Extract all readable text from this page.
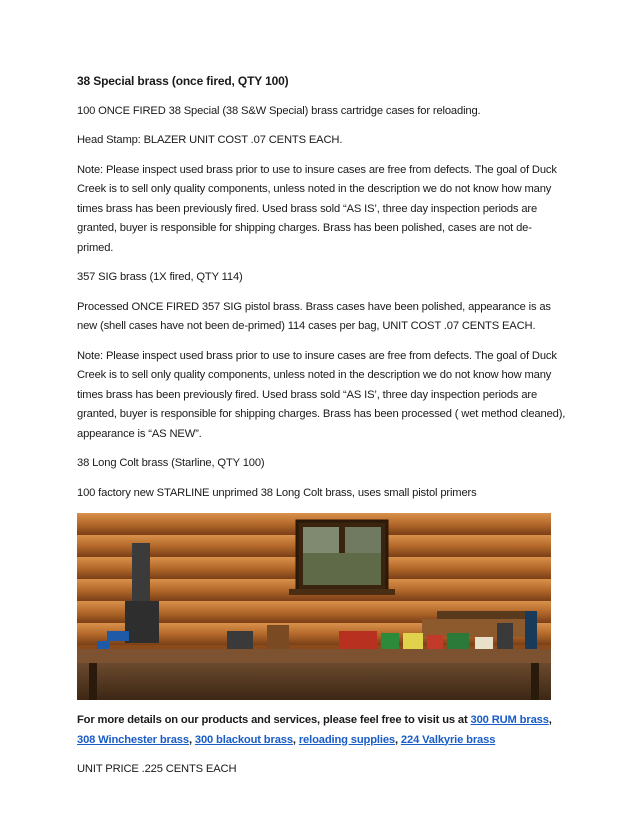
38 Special brass (once fired, QTY 100)

100 ONCE FIRED 38 Special (38 S&W Special) brass cartridge cases for reloading.

Head Stamp: BLAZER UNIT COST .07 CENTS EACH.

Note: Please inspect used brass prior to use to insure cases are free from defects. The goal of Duck Creek is to sell only quality components, unless noted in the description we do not know how many times brass has been previously fired. Used brass sold “AS IS’, three day inspection periods are granted, buyer is responsible for shipping charges. Brass has been polished, cases are not de-primed.

357 SIG brass (1X fired, QTY 114)

Processed ONCE FIRED 357 SIG pistol brass. Brass cases have been polished, appearance is as new (shell cases have not been de-primed) 114 cases per bag, UNIT COST .07 CENTS EACH.

Note: Please inspect used brass prior to use to insure cases are free from defects. The goal of Duck Creek is to sell only quality components, unless noted in the description we do not know how many times brass has been previously fired. Used brass sold “AS IS’, three day inspection periods are granted, buyer is responsible for shipping charges. Brass has been processed ( wet method cleaned), appearance is “AS NEW”.

38 Long Colt brass (Starline, QTY 100)

100 factory new STARLINE unprimed 38 Long Colt brass, uses small pistol primers

For more details on our products and services, please feel free to visit us at 300 RUM brass, 308 Winchester brass, 300 blackout brass, reloading supplies, 224 Valkyrie brass

UNIT PRICE .225 CENTS EACH
